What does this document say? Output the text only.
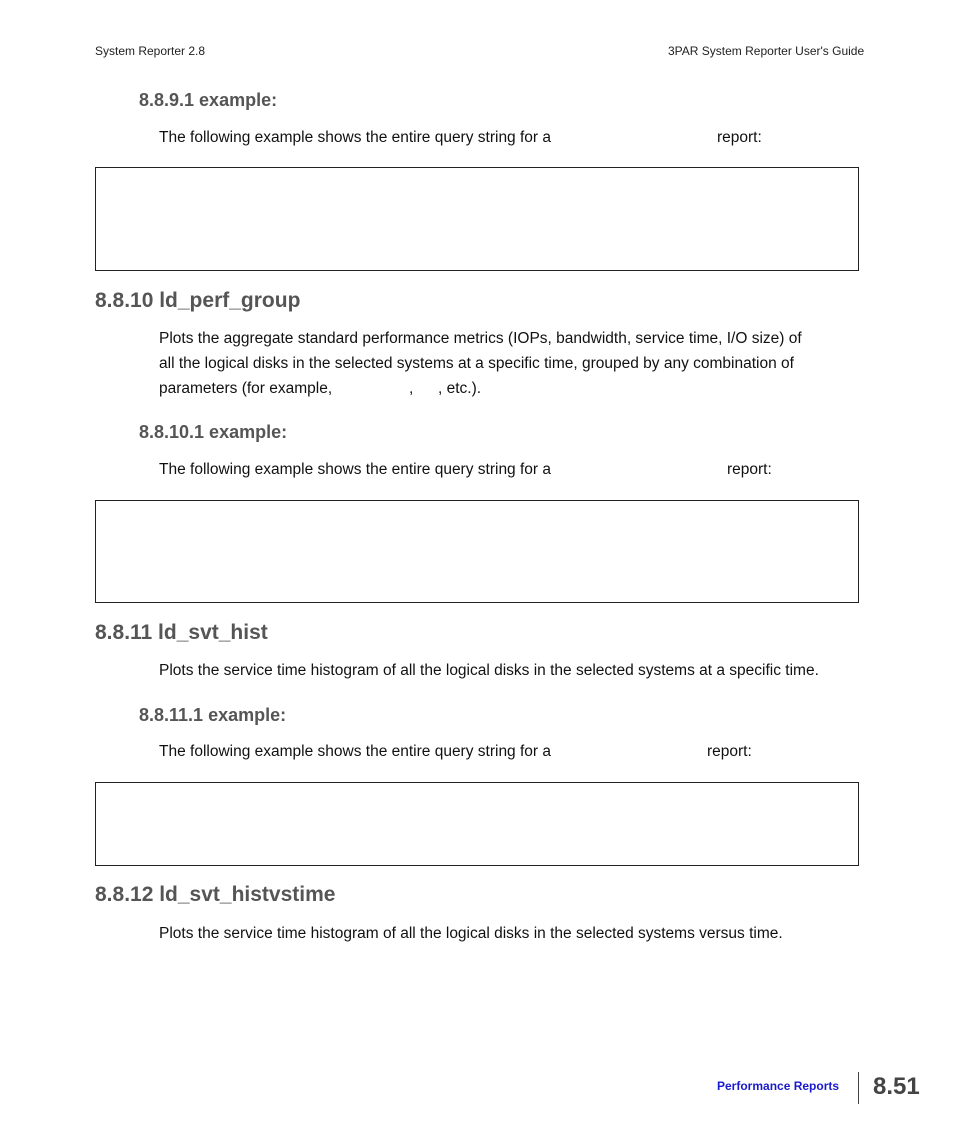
System Reporter 2.8	3PAR System Reporter User's Guide
8.8.9.1 example:
The following example shows the entire query string for a	report:
8.8.10 ld_perf_group
Plots the aggregate standard performance metrics (IOPs, bandwidth, service time, I/O size) of
all the logical disks in the selected systems at a specific time, grouped by any combination of
parameters (for example,	, , etc.).
8.8.10.1 example:
The following example shows the entire query string for a	report:
8.8.11 ld_svt_hist
Plots the service time histogram of all the logical disks in the selected systems at a specific time.
8.8.11.1 example:
The following example shows the entire query string for a	report:
8.8.12 ld_svt_histvstime
Plots the service time histogram of all the logical disks in the selected systems versus time.
Performance Reports 8.51
